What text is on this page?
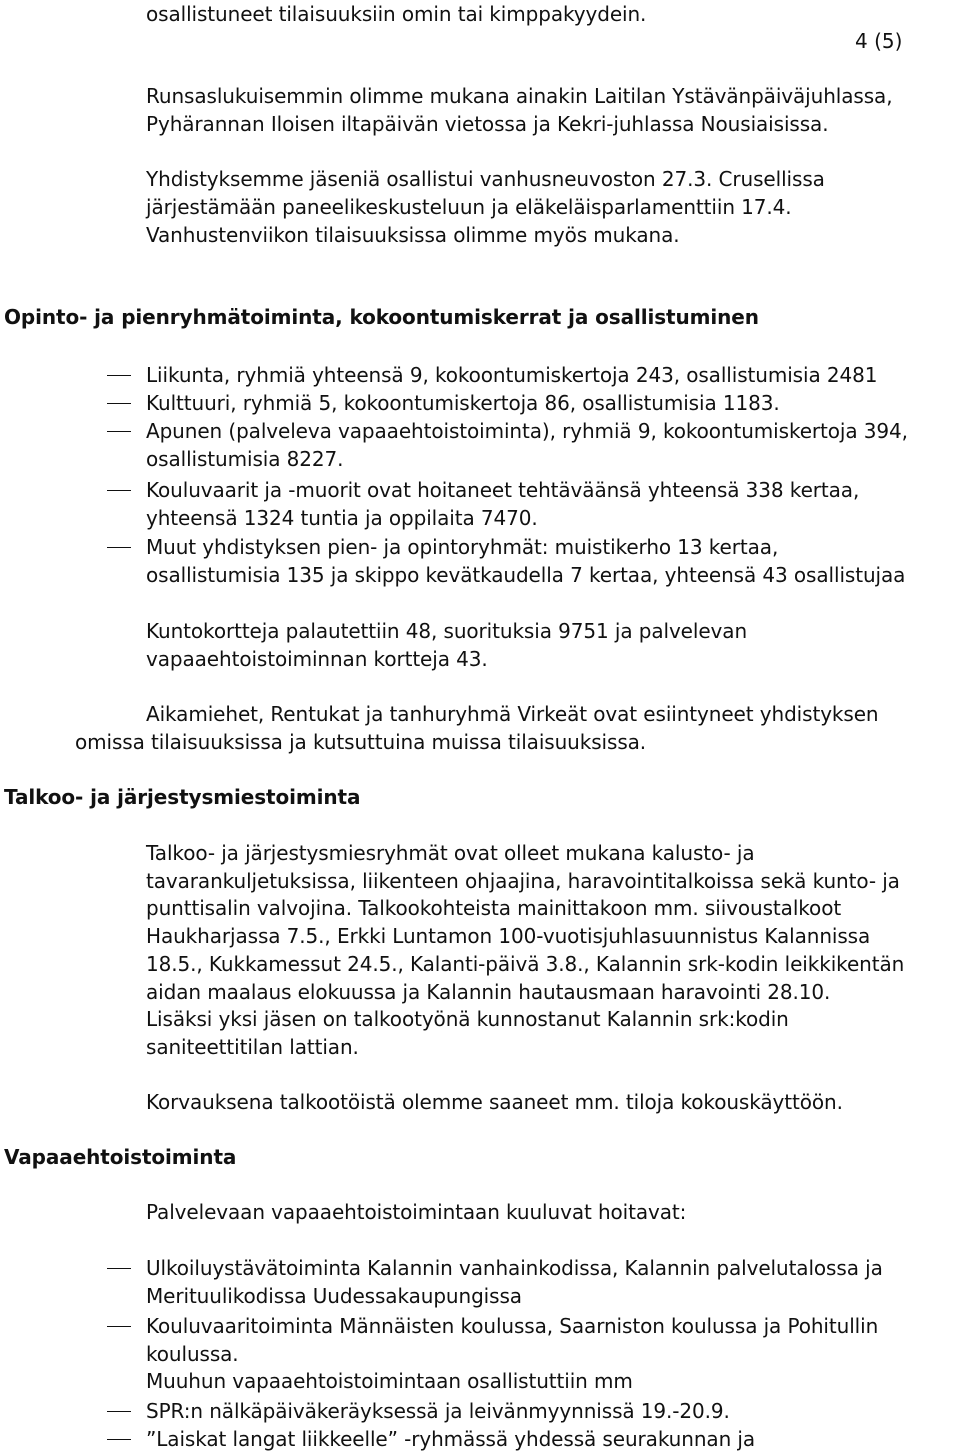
osallistuneet tilaisuuksiin omin tai kimppakyydein.
4 (5)
Runsaslukuisemmin olimme mukana ainakin Laitilan Ystävänpäiväjuhlassa,
Pyhärannan Iloisen iltapäivän vietossa ja Kekri-juhlassa Nousiaisissa.
Yhdistyksemme jäseniä osallistui vanhusneuvoston 27.3. Crusellissa
järjestämään paneelikeskusteluun ja eläkeläisparlamenttiin 17.4.
Vanhustenviikon tilaisuuksissa olimme myös mukana.
Opinto- ja pienryhmätoiminta, kokoontumiskerrat ja osallistuminen
Liikunta, ryhmiä yhteensä 9, kokoontumiskertoja 243, osallistumisia 2481
Kulttuuri, ryhmiä 5, kokoontumiskertoja 86, osallistumisia 1183.
Apunen (palveleva vapaaehtoistoiminta), ryhmiä 9, kokoontumiskertoja 394,
osallistumisia 8227.
Kouluvaarit ja -muorit ovat hoitaneet tehtäväänsä yhteensä 338 kertaa,
yhteensä 1324 tuntia ja oppilaita 7470.
Muut yhdistyksen pien- ja opintoryhmät: muistikerho 13 kertaa,
osallistumisia 135 ja skippo kevätkaudella 7 kertaa, yhteensä 43 osallistujaa
Kuntokortteja palautettiin 48, suorituksia 9751 ja palvelevan
vapaaehtoistoiminnan kortteja 43.
Aikamiehet, Rentukat ja tanhuryhmä Virkeät ovat esiintyneet yhdistyksen
omissa tilaisuuksissa ja kutsuttuina muissa tilaisuuksissa.
Talkoo- ja järjestysmiestoiminta
Talkoo- ja järjestysmiesryhmät ovat olleet mukana kalusto- ja
tavarankuljetuksissa, liikenteen ohjaajina, haravointitalkoissa sekä kunto- ja
punttisalin valvojina. Talkookohteista mainittakoon mm. siivoustalkoot
Haukharjassa 7.5., Erkki Luntamon 100-vuotisjuhlasuunnistus Kalannissa
18.5., Kukkamessut 24.5., Kalanti-päivä 3.8., Kalannin srk-kodin leikkikentän
aidan maalaus elokuussa ja Kalannin hautausmaan haravointi 28.10.
Lisäksi yksi jäsen on talkootyönä kunnostanut Kalannin srk:kodin
saniteettitilan lattian.
Korvauksena talkootöistä olemme saaneet mm. tiloja kokouskäyttöön.
Vapaaehtoistoiminta
Palvelevaan vapaaehtoistoimintaan kuuluvat hoitavat:
Ulkoiluystävätoiminta Kalannin vanhainkodissa, Kalannin palvelutalossa ja
Merituulikodissa Uudessakaupungissa
Kouluvaaritoiminta Männäisten koulussa, Saarniston koulussa ja Pohitullin
koulussa.
Muuhun vapaaehtoistoimintaan osallistuttiin mm
SPR:n nälkäpäiväkeräyksessä ja leivänmyynnissä 19.-20.9.
”Laiskat langat liikkeelle” -ryhmässä yhdessä seurakunnan ja
